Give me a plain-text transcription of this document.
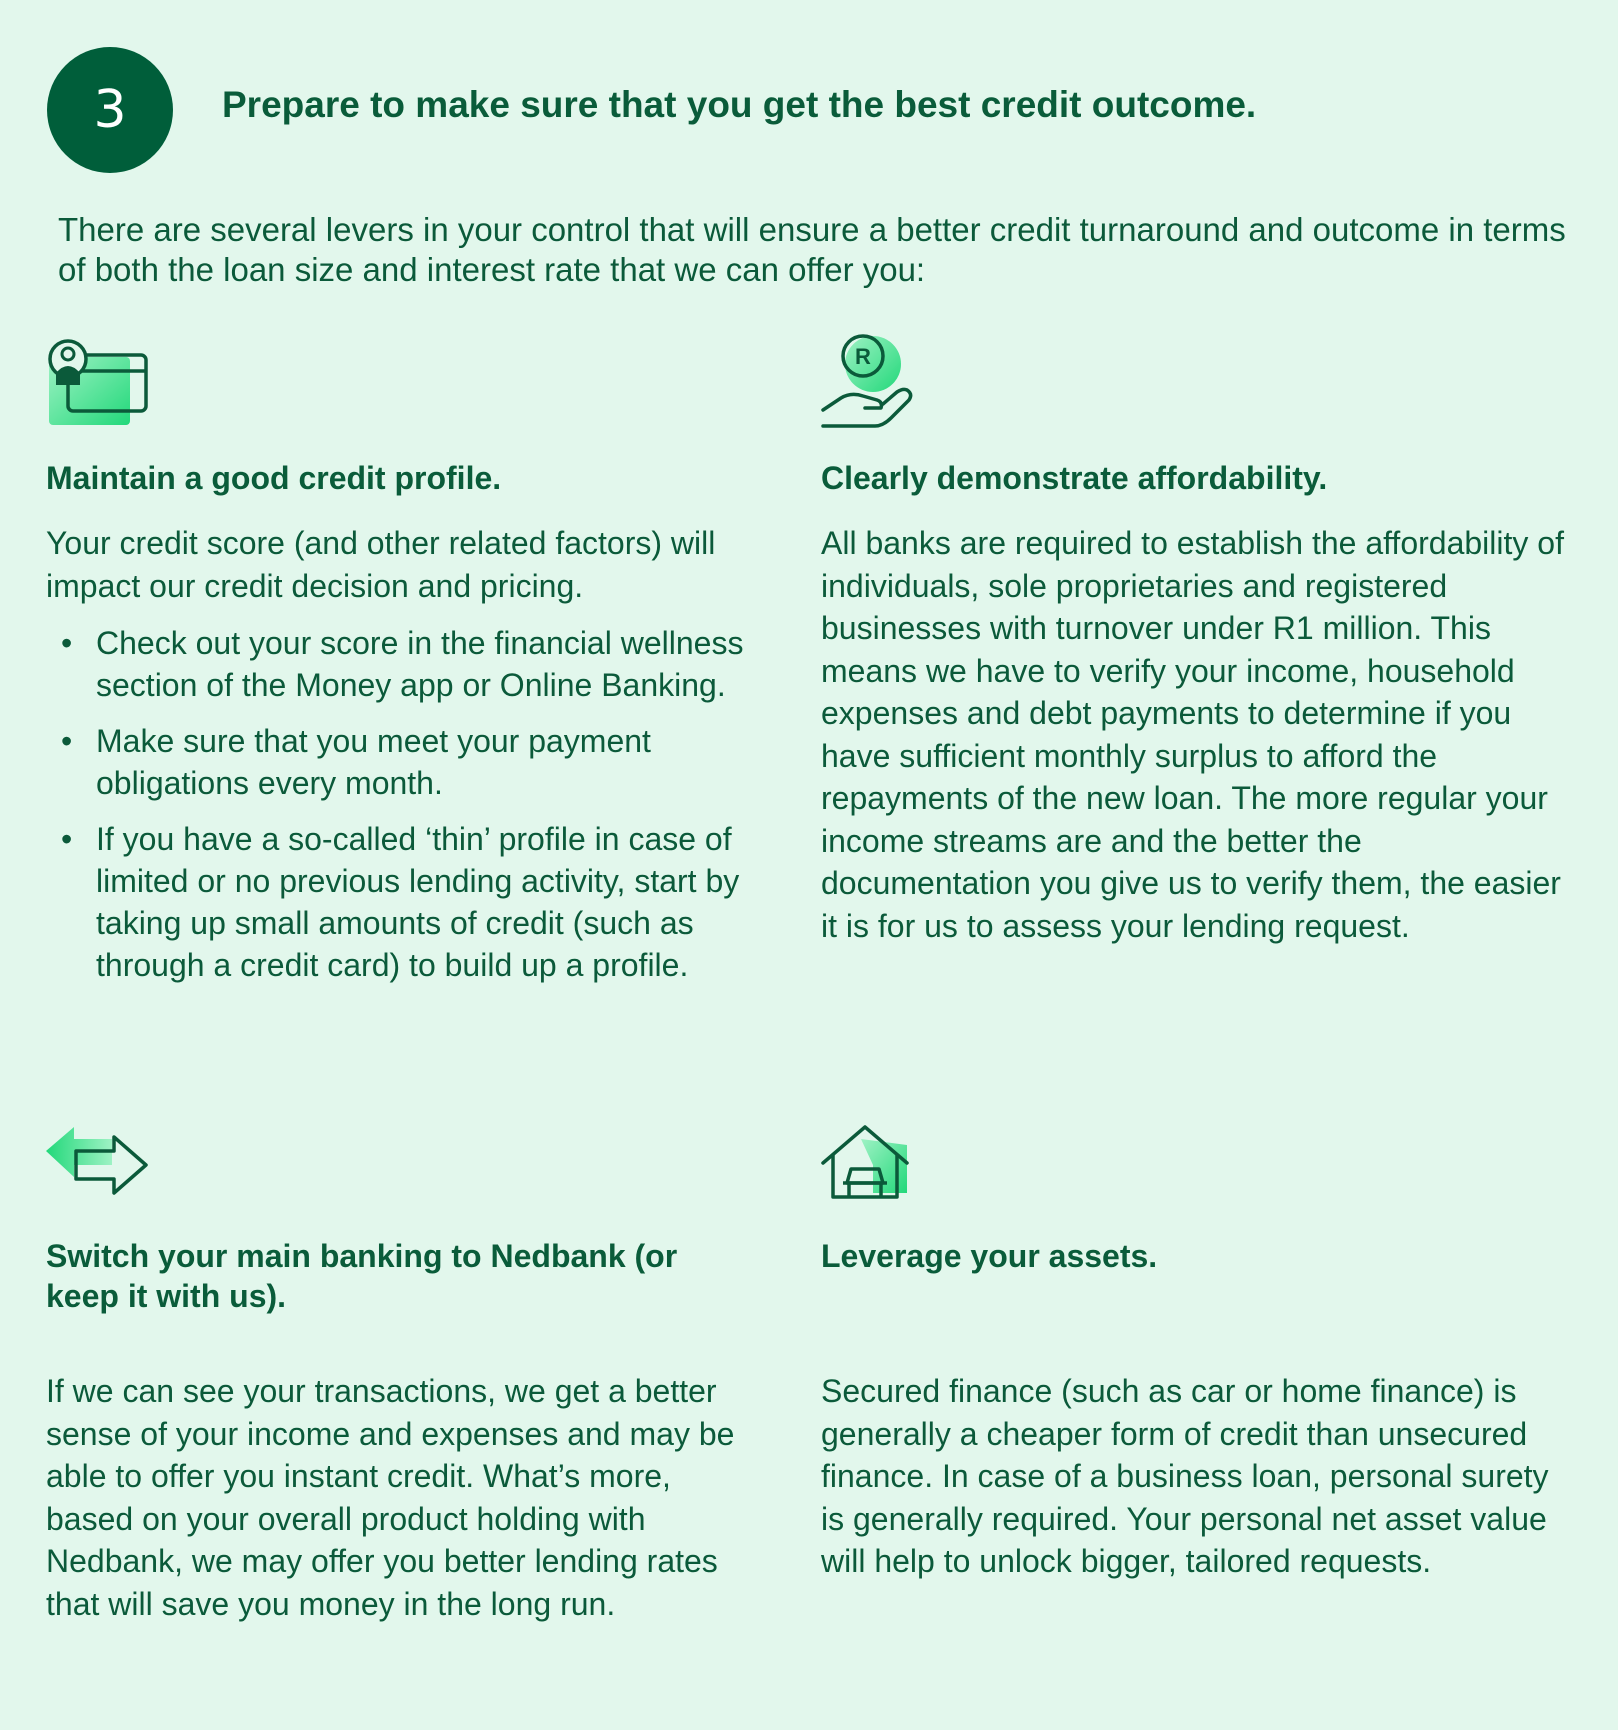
3	Prepare to make sure that you get the best credit outcome.

There are several levers in your control that will ensure a better credit turnaround and outcome in terms of both the loan size and interest rate that we can offer you:

Maintain a good credit profile.

Your credit score (and other related factors) will impact our credit decision and pricing.

• Check out your score in the financial wellness section of the Money app or Online Banking.
• Make sure that you meet your payment obligations every month.
• If you have a so-called ‘thin’ profile in case of limited or no previous lending activity, start by taking up small amounts of credit (such as through a credit card) to build up a profile.
R
Clearly demonstrate affordability.

All banks are required to establish the affordability of individuals, sole proprietaries and registered businesses with turnover under R1 million. This means we have to verify your income, household expenses and debt payments to determine if you have sufficient monthly surplus to afford the repayments of the new loan. The more regular your income streams are and the better the documentation you give us to verify them, the easier it is for us to assess your lending request.

Switch your main banking to Nedbank (or keep it with us).

If we can see your transactions, we get a better sense of your income and expenses and may be able to offer you instant credit. What’s more, based on your overall product holding with Nedbank, we may offer you better lending rates that will save you money in the long run.

Leverage your assets.

Secured finance (such as car or home finance) is generally a cheaper form of credit than unsecured finance. In case of a business loan, personal surety is generally required. Your personal net asset value will help to unlock bigger, tailored requests.
